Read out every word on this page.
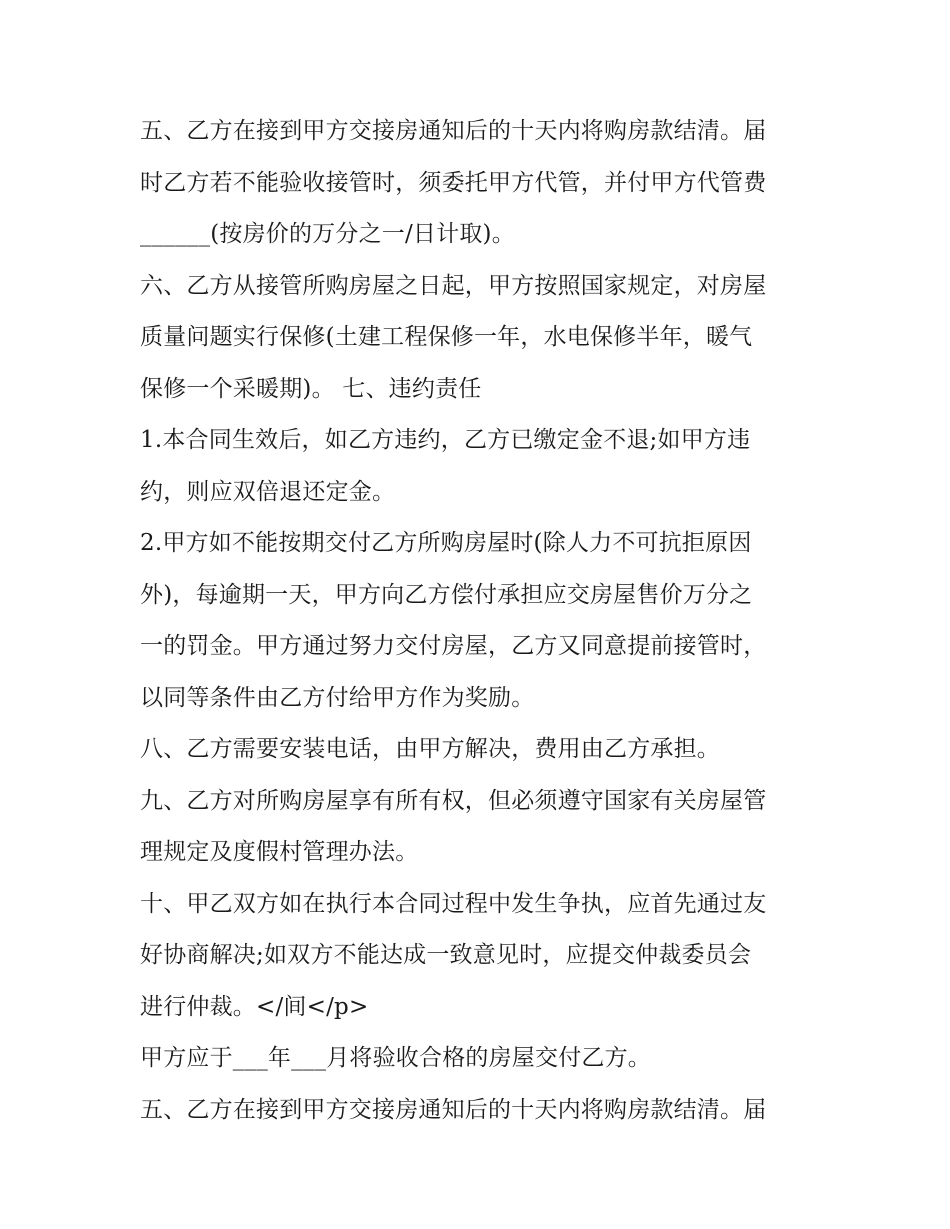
五、乙方在接到甲方交接房通知后的十天内将购房款结清。届
时乙方若不能验收接管时，须委托甲方代管，并付甲方代管费
______(按房价的万分之一/日计取)。
六、乙方从接管所购房屋之日起，甲方按照国家规定，对房屋
质量问题实行保修(土建工程保修一年，水电保修半年，暖气
保修一个采暖期)。 七、违约责任
1.本合同生效后，如乙方违约，乙方已缴定金不退;如甲方违
约，则应双倍退还定金。
2.甲方如不能按期交付乙方所购房屋时(除人力不可抗拒原因
外)，每逾期一天，甲方向乙方偿付承担应交房屋售价万分之
一的罚金。甲方通过努力交付房屋，乙方又同意提前接管时，
以同等条件由乙方付给甲方作为奖励。
八、乙方需要安装电话，由甲方解决，费用由乙方承担。
九、乙方对所购房屋享有所有权，但必须遵守国家有关房屋管
理规定及度假村管理办法。
十、甲乙双方如在执行本合同过程中发生争执，应首先通过友
好协商解决;如双方不能达成一致意见时，应提交仲裁委员会
进行仲裁。</间</p>
甲方应于___年___月将验收合格的房屋交付乙方。
五、乙方在接到甲方交接房通知后的十天内将购房款结清。届
